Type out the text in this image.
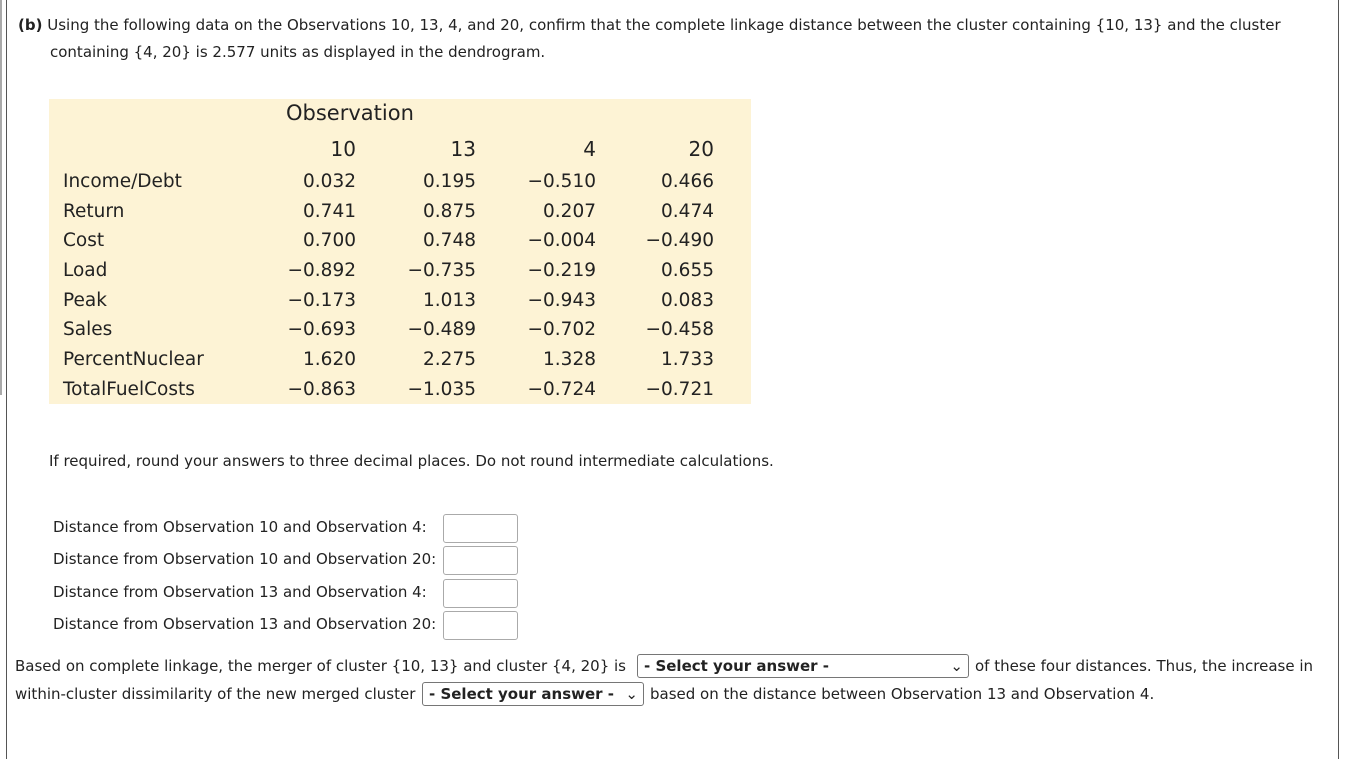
(b) Using the following data on the Observations 10, 13, 4, and 20, confirm that the complete linkage distance between the cluster containing {10, 13} and the cluster
containing {4, 20} is 2.577 units as displayed in the dendrogram.
Observation
10	13	4	20
Income/Debt	0.032	0.195	−0.510	0.466
Return	0.741	0.875	0.207	0.474
Cost	0.700	0.748	−0.004	−0.490
Load	−0.892	−0.735	−0.219	0.655
Peak	−0.173	1.013	−0.943	0.083
Sales	−0.693	−0.489	−0.702	−0.458
PercentNuclear	1.620	2.275	1.328	1.733
TotalFuelCosts	−0.863	−1.035	−0.724	−0.721
If required, round your answers to three decimal places. Do not round intermediate calculations.
Distance from Observation 10 and Observation 4:
Distance from Observation 10 and Observation 20:
Distance from Observation 13 and Observation 4:
Distance from Observation 13 and Observation 20:
Based on complete linkage, the merger of cluster {10, 13} and cluster {4, 20} is	- Select your answer -	⌄ of these four distances. Thus, the increase in
within-cluster dissimilarity of the new merged cluster - Select your answer - ⌄ based on the distance between Observation 13 and Observation 4.
